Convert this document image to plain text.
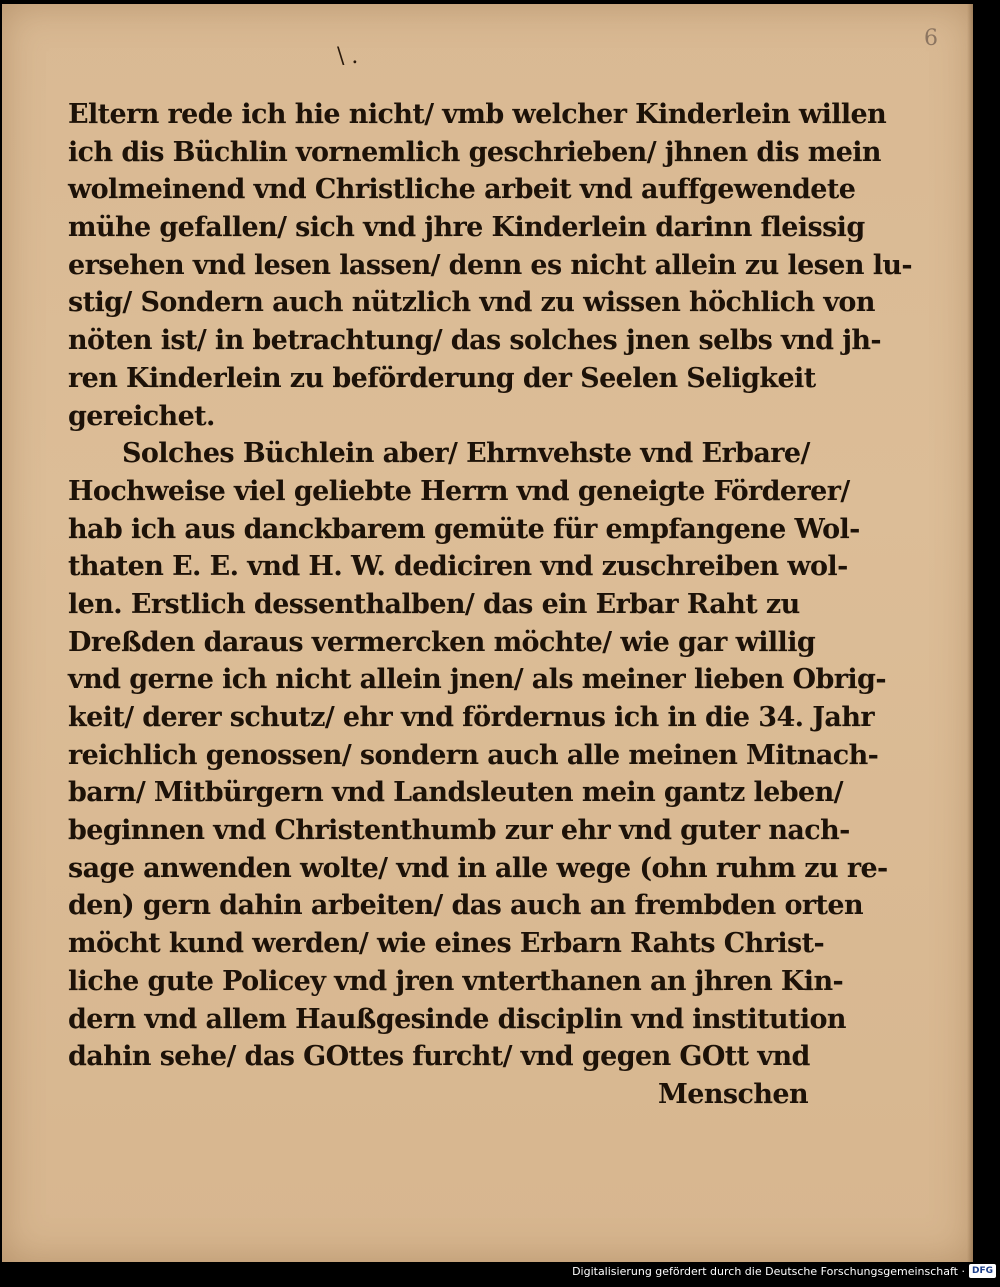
\ .
6
Eltern rede ich hie nicht/ vmb welcher Kinderlein willen
ich dis Büchlin vornemlich geschrieben/ jhnen dis mein
wolmeinend vnd Christliche arbeit vnd auffgewendete
mühe gefallen/ sich vnd jhre Kinderlein darinn fleissig
ersehen vnd lesen lassen/ denn es nicht allein zu lesen lu-
stig/ Sondern auch nützlich vnd zu wissen höchlich von
nöten ist/ in betrachtung/ das solches jnen selbs vnd jh-
ren Kinderlein zu beförderung der Seelen Seligkeit
gereichet.
Solches Büchlein aber/ Ehrnvehste vnd Erbare/
Hochweise viel geliebte Herrn vnd geneigte Förderer/
hab ich aus danckbarem gemüte für empfangene Wol-
thaten E. E. vnd H. W. dediciren vnd zuschreiben wol-
len. Erstlich dessenthalben/ das ein Erbar Raht zu
Dreßden daraus vermercken möchte/ wie gar willig
vnd gerne ich nicht allein jnen/ als meiner lieben Obrig-
keit/ derer schutz/ ehr vnd fördernus ich in die 34. Jahr
reichlich genossen/ sondern auch alle meinen Mitnach-
barn/ Mitbürgern vnd Landsleuten mein gantz leben/
beginnen vnd Christenthumb zur ehr vnd guter nach-
sage anwenden wolte/ vnd in alle wege (ohn ruhm zu re-
den) gern dahin arbeiten/ das auch an frembden orten
möcht kund werden/ wie eines Erbarn Rahts Christ-
liche gute Policey vnd jren vnterthanen an jhren Kin-
dern vnd allem Haußgesinde disciplin vnd institution
dahin sehe/ das GOttes furcht/ vnd gegen GOtt vnd
Menschen
Digitalisierung gefördert durch die Deutsche Forschungsgemeinschaft · DFG
